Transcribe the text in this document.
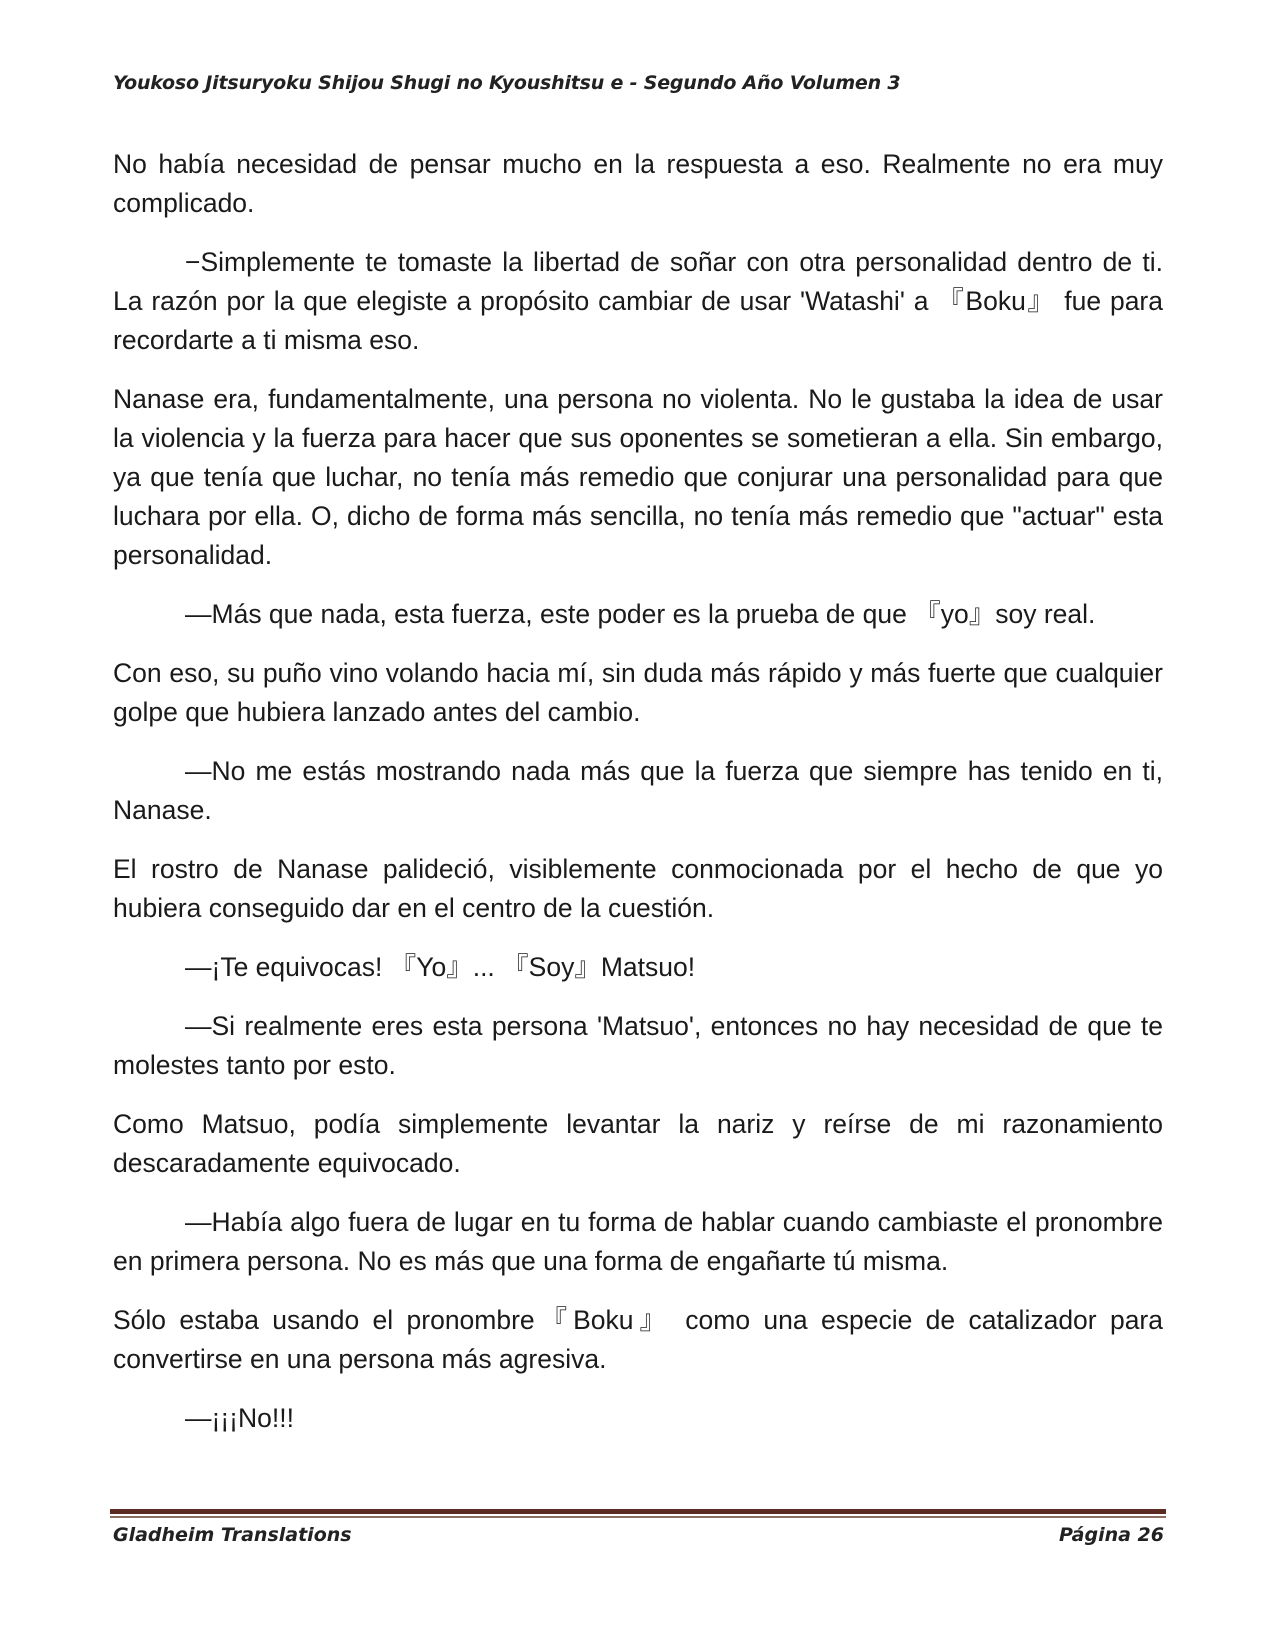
Youkoso Jitsuryoku Shijou Shugi no Kyoushitsu e - Segundo Año Volumen 3

No había necesidad de pensar mucho en la respuesta a eso. Realmente no era muy complicado.

−Simplemente te tomaste la libertad de soñar con otra personalidad dentro de ti. La razón por la que elegiste a propósito cambiar de usar 'Watashi' a 『Boku』 fue para recordarte a ti misma eso.

Nanase era, fundamentalmente, una persona no violenta. No le gustaba la idea de usar la violencia y la fuerza para hacer que sus oponentes se sometieran a ella. Sin embargo, ya que tenía que luchar, no tenía más remedio que conjurar una personalidad para que luchara por ella. O, dicho de forma más sencilla, no tenía más remedio que "actuar" esta personalidad.

—Más que nada, esta fuerza, este poder es la prueba de que 『yo』soy real.

Con eso, su puño vino volando hacia mí, sin duda más rápido y más fuerte que cualquier golpe que hubiera lanzado antes del cambio.

—No me estás mostrando nada más que la fuerza que siempre has tenido en ti, Nanase.

El rostro de Nanase palideció, visiblemente conmocionada por el hecho de que yo hubiera conseguido dar en el centro de la cuestión.

—¡Te equivocas! 『Yo』... 『Soy』Matsuo!

—Si realmente eres esta persona 'Matsuo', entonces no hay necesidad de que te molestes tanto por esto.

Como Matsuo, podía simplemente levantar la nariz y reírse de mi razonamiento descaradamente equivocado.

—Había algo fuera de lugar en tu forma de hablar cuando cambiaste el pronombre en primera persona. No es más que una forma de engañarte tú misma.

Sólo estaba usando el pronombre『Boku』 como una especie de catalizador para convertirse en una persona más agresiva.

—¡¡¡No!!!

Gladheim Translations	Página 26
